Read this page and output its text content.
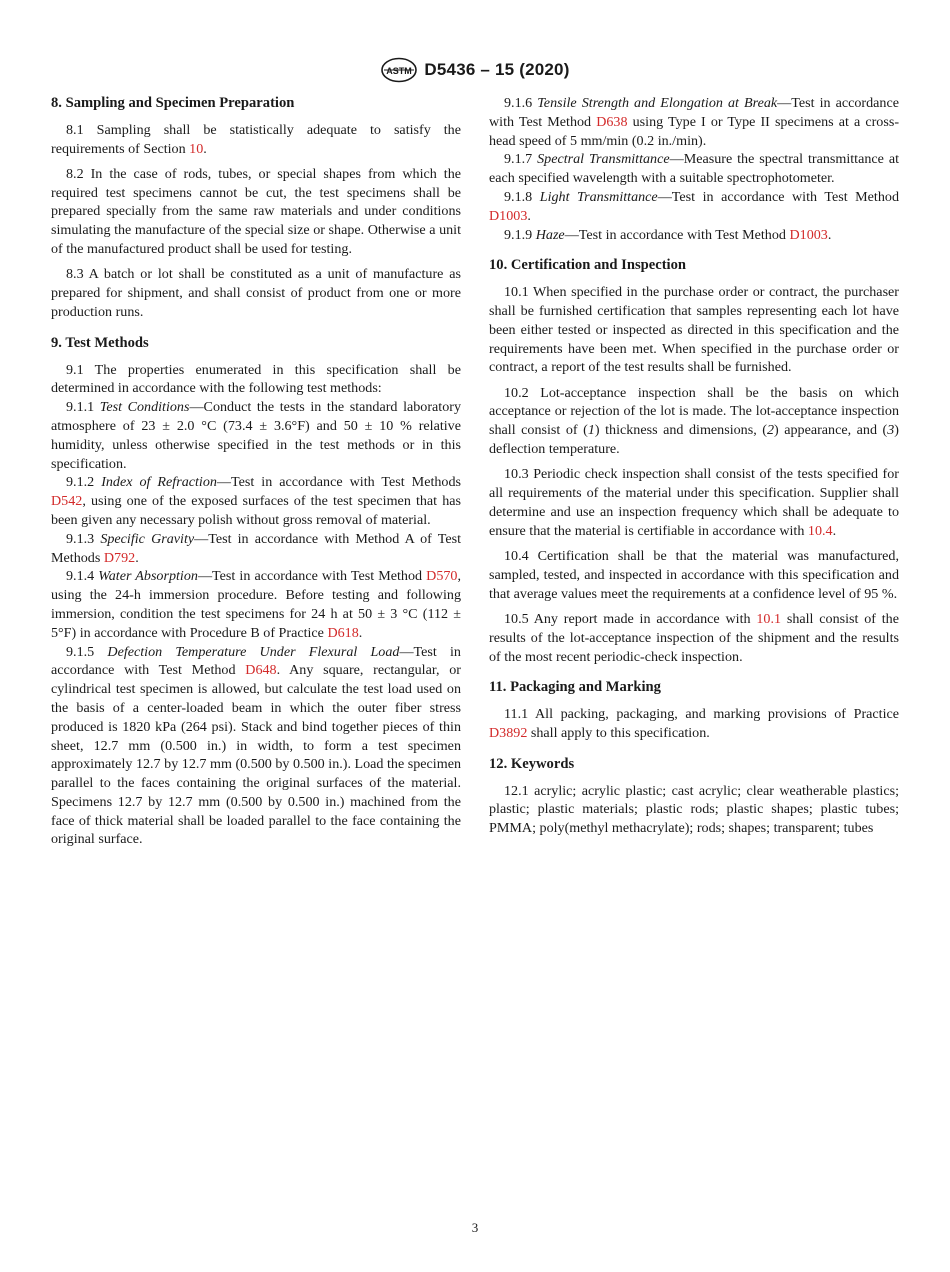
ASTM D5436 – 15 (2020)
8. Sampling and Specimen Preparation

8.1 Sampling shall be statistically adequate to satisfy the requirements of Section 10.

8.2 In the case of rods, tubes, or special shapes from which the required test specimens cannot be cut, the test specimens shall be prepared specially from the same raw materials and under conditions simulating the manufacture of the special size or shape. Otherwise a unit of the manufactured product shall be used for testing.

8.3 A batch or lot shall be constituted as a unit of manufacture as prepared for shipment, and shall consist of product from one or more production runs.

9. Test Methods

9.1 The properties enumerated in this specification shall be determined in accordance with the following test methods:

9.1.1 Test Conditions—Conduct the tests in the standard laboratory atmosphere of 23 ± 2.0 °C (73.4 ± 3.6°F) and 50 ± 10 % relative humidity, unless otherwise specified in the test methods or in this specification.

9.1.2 Index of Refraction—Test in accordance with Test Methods D542, using one of the exposed surfaces of the test specimen that has been given any necessary polish without gross removal of material.

9.1.3 Specific Gravity—Test in accordance with Method A of Test Methods D792.

9.1.4 Water Absorption—Test in accordance with Test Method D570, using the 24-h immersion procedure. Before testing and following immersion, condition the test specimens for 24 h at 50 ± 3 °C (112 ± 5°F) in accordance with Procedure B of Practice D618.

9.1.5 Defection Temperature Under Flexural Load—Test in accordance with Test Method D648. Any square, rectangular, or cylindrical test specimen is allowed, but calculate the test load used on the basis of a center-loaded beam in which the outer fiber stress produced is 1820 kPa (264 psi). Stack and bind together pieces of thin sheet, 12.7 mm (0.500 in.) in width, to form a test specimen approximately 12.7 by 12.7 mm (0.500 by 0.500 in.). Load the specimen parallel to the faces containing the original surfaces of the material. Specimens 12.7 by 12.7 mm (0.500 by 0.500 in.) machined from the face of thick material shall be loaded parallel to the face containing the original surface.

9.1.6 Tensile Strength and Elongation at Break—Test in accordance with Test Method D638 using Type I or Type II specimens at a cross-head speed of 5 mm/min (0.2 in./min).

9.1.7 Spectral Transmittance—Measure the spectral transmittance at each specified wavelength with a suitable spectrophotometer.

9.1.8 Light Transmittance—Test in accordance with Test Method D1003.

9.1.9 Haze—Test in accordance with Test Method D1003.

10. Certification and Inspection

10.1 When specified in the purchase order or contract, the purchaser shall be furnished certification that samples representing each lot have been either tested or inspected as directed in this specification and the requirements have been met. When specified in the purchase order or contract, a report of the test results shall be furnished.

10.2 Lot-acceptance inspection shall be the basis on which acceptance or rejection of the lot is made. The lot-acceptance inspection shall consist of (1) thickness and dimensions, (2) appearance, and (3) deflection temperature.

10.3 Periodic check inspection shall consist of the tests specified for all requirements of the material under this specification. Supplier shall determine and use an inspection frequency which shall be adequate to ensure that the material is certifiable in accordance with 10.4.

10.4 Certification shall be that the material was manufactured, sampled, tested, and inspected in accordance with this specification and that average values meet the requirements at a confidence level of 95 %.

10.5 Any report made in accordance with 10.1 shall consist of the results of the lot-acceptance inspection of the shipment and the results of the most recent periodic-check inspection.

11. Packaging and Marking

11.1 All packing, packaging, and marking provisions of Practice D3892 shall apply to this specification.

12. Keywords

12.1 acrylic; acrylic plastic; cast acrylic; clear weatherable plastics; plastic; plastic materials; plastic rods; plastic shapes; plastic tubes; PMMA; poly(methyl methacrylate); rods; shapes; transparent; tubes

3
